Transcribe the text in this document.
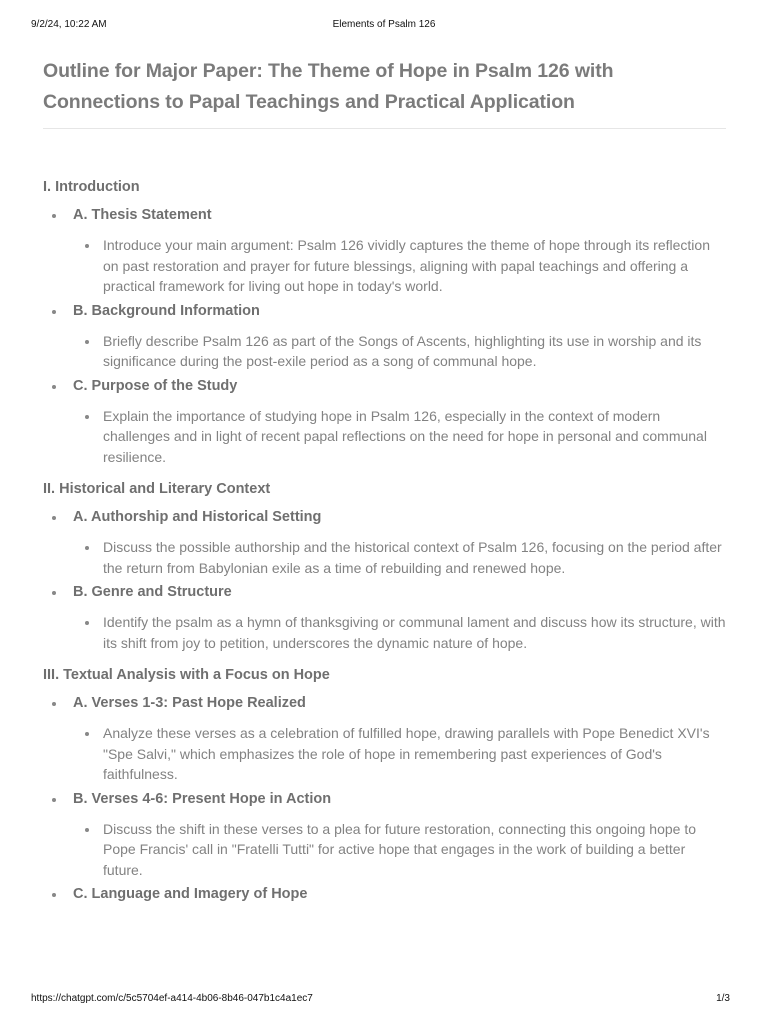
9/2/24, 10:22 AM	Elements of Psalm 126
Outline for Major Paper: The Theme of Hope in Psalm 126 with Connections to Papal Teachings and Practical Application
I. Introduction
A. Thesis Statement

Introduce your main argument: Psalm 126 vividly captures the theme of hope through its reflection on past restoration and prayer for future blessings, aligning with papal teachings and offering a practical framework for living out hope in today's world.

B. Background Information

Briefly describe Psalm 126 as part of the Songs of Ascents, highlighting its use in worship and its significance during the post-exile period as a song of communal hope.

C. Purpose of the Study

Explain the importance of studying hope in Psalm 126, especially in the context of modern challenges and in light of recent papal reflections on the need for hope in personal and communal resilience.

II. Historical and Literary Context
A. Authorship and Historical Setting

Discuss the possible authorship and the historical context of Psalm 126, focusing on the period after the return from Babylonian exile as a time of rebuilding and renewed hope.

B. Genre and Structure

Identify the psalm as a hymn of thanksgiving or communal lament and discuss how its structure, with its shift from joy to petition, underscores the dynamic nature of hope.

III. Textual Analysis with a Focus on Hope
A. Verses 1-3: Past Hope Realized

Analyze these verses as a celebration of fulfilled hope, drawing parallels with Pope Benedict XVI's "Spe Salvi," which emphasizes the role of hope in remembering past experiences of God's faithfulness.

B. Verses 4-6: Present Hope in Action

Discuss the shift in these verses to a plea for future restoration, connecting this ongoing hope to Pope Francis' call in "Fratelli Tutti" for active hope that engages in the work of building a better future.

C. Language and Imagery of Hope
https://chatgpt.com/c/5c5704ef-a414-4b06-8b46-047b1c4a1ec7	1/3
